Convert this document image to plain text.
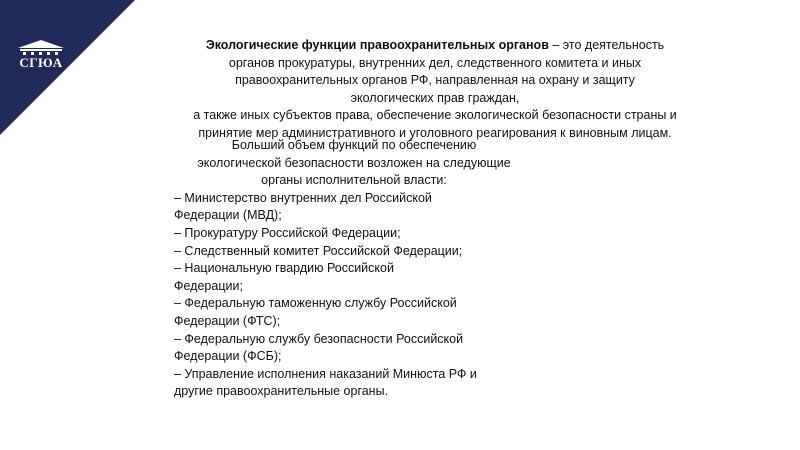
СГЮА
Экологические функции правоохранительных органов – это деятельность
органов прокуратуры, внутренних дел, следственного комитета и иных
правоохранительных органов РФ, направленная на охрану и защиту
экологических прав граждан,
а также иных субъектов права, обеспечение экологической безопасности страны и
принятие мер административного и уголовного реагирования к виновным лицам.
Больший объем функций по обеспечению
экологической безопасности возложен на следующие
органы исполнительной власти:
– Министерство внутренних дел Российской
Федерации (МВД);
– Прокуратуру Российской Федерации;
– Следственный комитет Российской Федерации;
– Национальную гвардию Российской
Федерации;
– Федеральную таможенную службу Российской
Федерации (ФТС);
– Федеральную службу безопасности Российской
Федерации (ФСБ);
– Управление исполнения наказаний Минюста РФ и
другие правоохранительные органы.
